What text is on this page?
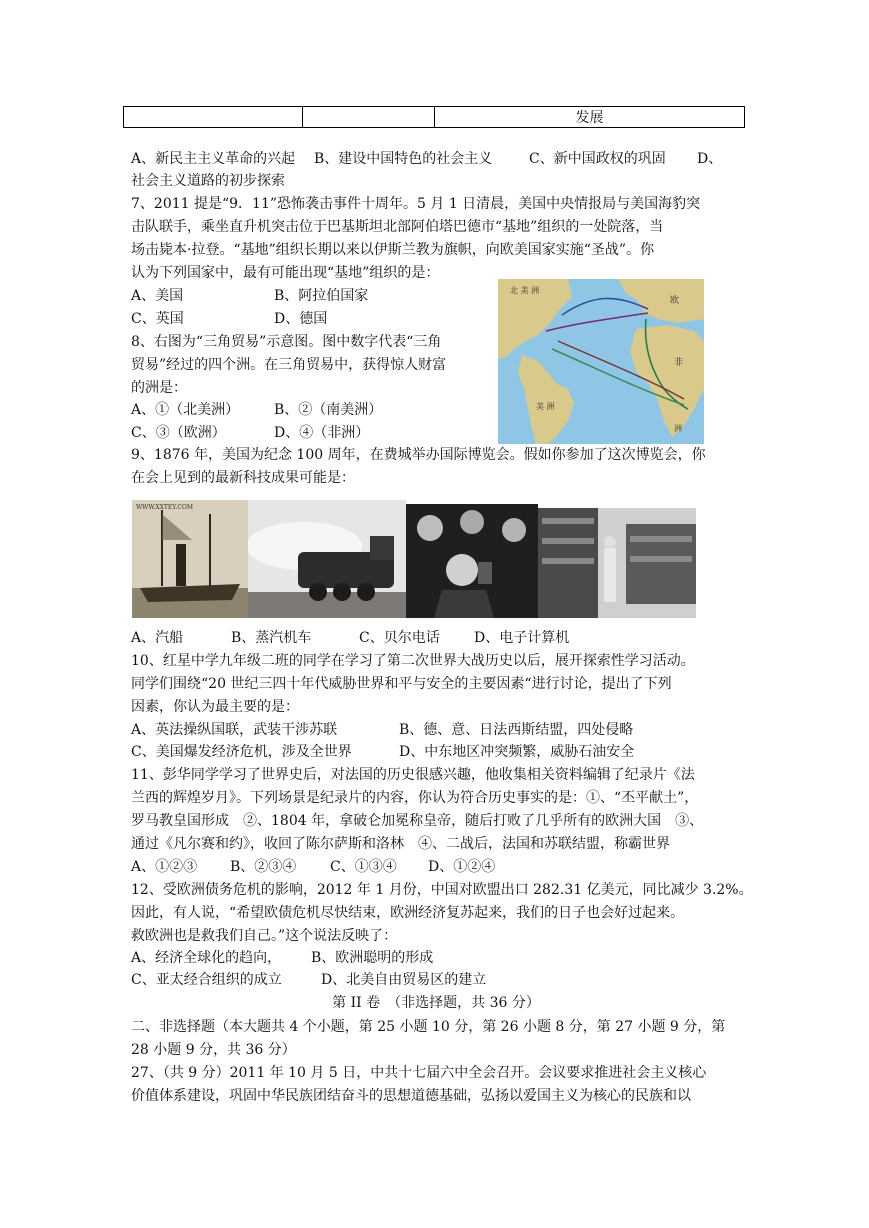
		发展
A、新民主主义革命的兴起 B、建设中国特色的社会主义	C、新中国政权的巩固 D、
社会主义道路的初步探索
7、2011 提是“9．11”恐怖袭击事件十周年。5 月 1 日清晨，美国中央情报局与美国海豹突
击队联手，乘坐直升机突击位于巴基斯坦北部阿伯塔巴德市“基地”组织的一处院落，当
场击毙本·拉登。“基地”组织长期以来以伊斯兰教为旗帜，向欧美国家实施“圣战”。你
认为下列国家中，最有可能出现“基地”组织的是：
A、美国	B、阿拉伯国家
C、英国	D、德国
8、右图为“三角贸易”示意图。图中数字代表“三角
贸易”经过的四个洲。在三角贸易中，获得惊人财富
的洲是：
A、①（北美洲） B、②（南美洲）
C、③（欧洲）	D、④（非洲）
北 美 洲
欧
非
美 洲
洲
9、1876 年，美国为纪念 100 周年，在费城举办国际博览会。假如你参加了这次博览会，你
在会上见到的最新科技成果可能是：
WWW.XXTEY.COM
A、汽船	B、蒸汽机车	C、贝尔电话 D、电子计算机
10、红星中学九年级二班的同学在学习了第二次世界大战历史以后，展开探索性学习活动。
同学们围绕“20 世纪三四十年代威胁世界和平与安全的主要因素“进行讨论，提出了下列
因素，你认为最主要的是：
A、英法操纵国联，武装干涉苏联	B、德、意、日法西斯结盟，四处侵略
C、美国爆发经济危机，涉及全世界	D、中东地区冲突频繁，威胁石油安全
11、彭华同学学习了世界史后，对法国的历史很感兴趣，他收集相关资料编辑了纪录片《法
兰西的辉煌岁月》。下列场景是纪录片的内容，你认为符合历史事实的是：①、“丕平献土”，
罗马教皇国形成　②、1804 年，拿破仑加冕称皇帝，随后打败了几乎所有的欧洲大国　③、
通过《凡尔赛和约》，收回了陈尔萨斯和洛林　④、二战后，法国和苏联结盟，称霸世界
A、①②③ B、②③④ C、①③④ D、①②④
12、受欧洲债务危机的影响，2012 年 1 月份，中国对欧盟出口 282.31 亿美元，同比减少 3.2%。
因此，有人说，“希望欧债危机尽快结束，欧洲经济复苏起来，我们的日子也会好过起来。
救欧洲也是救我们自己。”这个说法反映了：
A、经济全球化的趋向， B、欧洲聪明的形成
C、亚太经合组织的成立	D、北美自由贸易区的建立
第 II 卷　（非选择题，共 36 分）
二、非选择题（本大题共 4 个小题，第 25 小题 10 分，第 26 小题 8 分，第 27 小题 9 分，第
28 小题 9 分，共 36 分）
27、（共 9 分）2011 年 10 月 5 日，中共十七届六中全会召开。会议要求推进社会主义核心
价值体系建设，巩固中华民族团结奋斗的思想道德基础，弘扬以爱国主义为核心的民族和以
